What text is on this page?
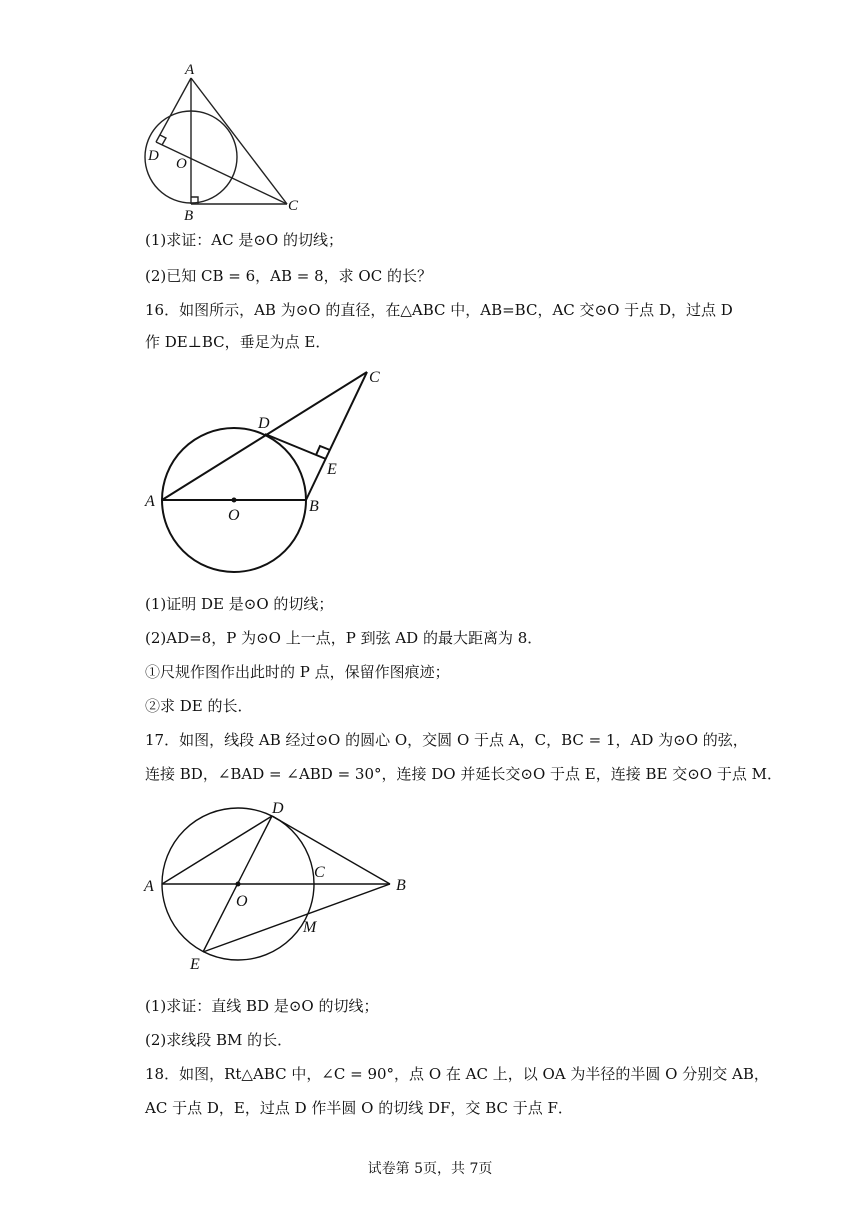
A
D O
B
C
C
D
E
A
O
B
D
C
A
O
B
M
E
(1)求证：AC 是⊙O 的切线；
(2)已知 CB = 6，AB = 8，求 OC 的长？
16．如图所示，AB 为⊙O 的直径，在△ABC 中，AB=BC，AC 交⊙O 于点 D，过点 D
作 DE⊥BC，垂足为点 E．
(1)证明 DE 是⊙O 的切线；
(2)AD=8，P 为⊙O 上一点，P 到弦 AD 的最大距离为 8．
①尺规作图作出此时的 P 点，保留作图痕迹；
②求 DE 的长．
17．如图，线段 AB 经过⊙O 的圆心 O，交圆 O 于点 A，C，BC = 1，AD 为⊙O 的弦，
连接 BD，∠BAD = ∠ABD = 30°，连接 DO 并延长交⊙O 于点 E，连接 BE 交⊙O 于点 M．
(1)求证：直线 BD 是⊙O 的切线；
(2)求线段 BM 的长．
18．如图，Rt△ABC 中，∠C = 90°，点 O 在 AC 上，以 OA 为半径的半圆 O 分别交 AB，
AC 于点 D，E，过点 D 作半圆 O 的切线 DF，交 BC 于点 F．
试卷第 5页，共 7页
